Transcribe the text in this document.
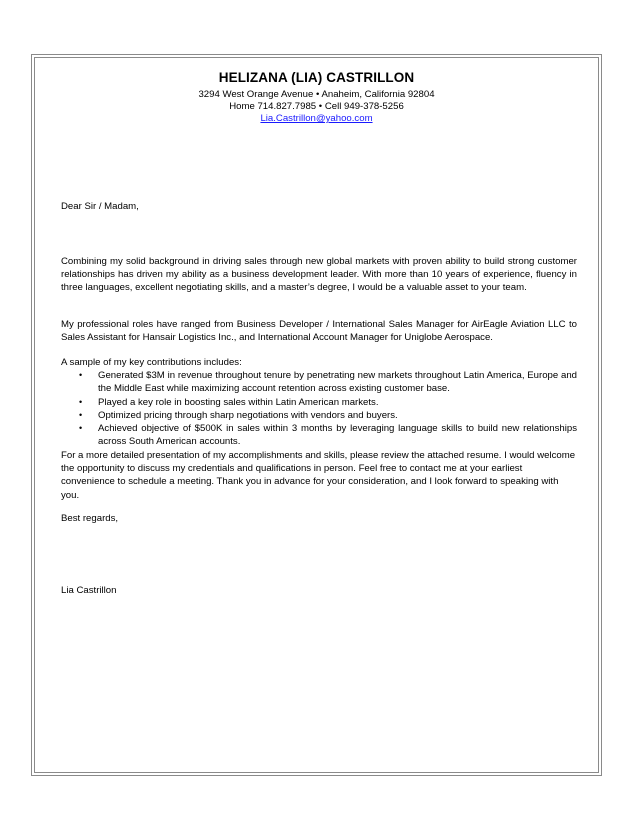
HELIZANA (LIA) CASTRILLON
3294 West Orange Avenue • Anaheim, California 92804
Home 714.827.7985 • Cell 949-378-5256
Lia.Castrillon@yahoo.com
Dear Sir / Madam,
Combining my solid background in driving sales through new global markets with proven ability to build strong customer relationships has driven my ability as a business development leader. With more than 10 years of experience, fluency in three languages, excellent negotiating skills, and a master’s degree, I would be a valuable asset to your team.
My professional roles have ranged from Business Developer / International Sales Manager for AirEagle Aviation LLC to Sales Assistant for Hansair Logistics Inc., and International Account Manager for Uniglobe Aerospace.
A sample of my key contributions includes:
• Generated $3M in revenue throughout tenure by penetrating new markets throughout Latin America, Europe and the Middle East while maximizing account retention across existing customer base.
• Played a key role in boosting sales within Latin American markets.
• Optimized pricing through sharp negotiations with vendors and buyers.
• Achieved objective of $500K in sales within 3 months by leveraging language skills to build new relationships across South American accounts.
For a more detailed presentation of my accomplishments and skills, please review the attached resume. I would welcome the opportunity to discuss my credentials and qualifications in person. Feel free to contact me at your earliest convenience to schedule a meeting. Thank you in advance for your consideration, and I look forward to speaking with you.
Best regards,
Lia Castrillon
